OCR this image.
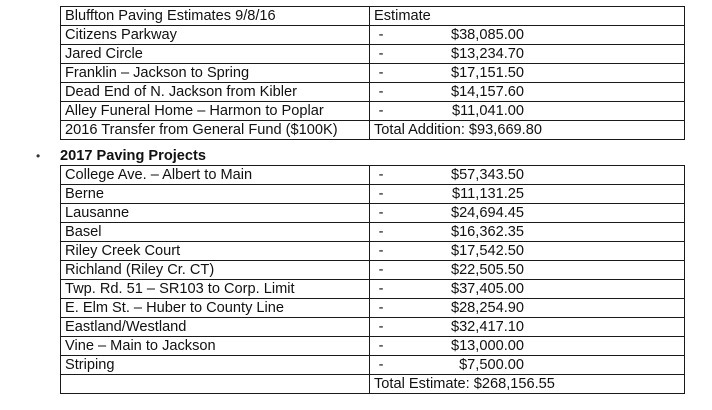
Bluffton Paving Estimates 9/8/16	Estimate
Citizens Parkway	- $38,085.00

Jared Circle	- $13,234.70

Franklin – Jackson to Spring	- $17,151.50

Dead End of N. Jackson from Kibler	- $14,157.60

Alley Funeral Home – Harmon to Poplar	- $11,041.00

2016 Transfer from General Fund ($100K)	Total Addition: $93,669.80
• 2017 Paving Projects
College Ave. – Albert to Main	- $57,343.50

Berne	- $11,131.25

Lausanne	- $24,694.45

Basel	- $16,362.35

Riley Creek Court	- $17,542.50

Richland (Riley Cr. CT)	- $22,505.50

Twp. Rd. 51 – SR103 to Corp. Limit	- $37,405.00

E. Elm St. – Huber to County Line	- $28,254.90

Eastland/Westland	- $32,417.10

Vine – Main to Jackson	- $13,000.00

Striping	- $7,500.00

	Total Estimate: $268,156.55
